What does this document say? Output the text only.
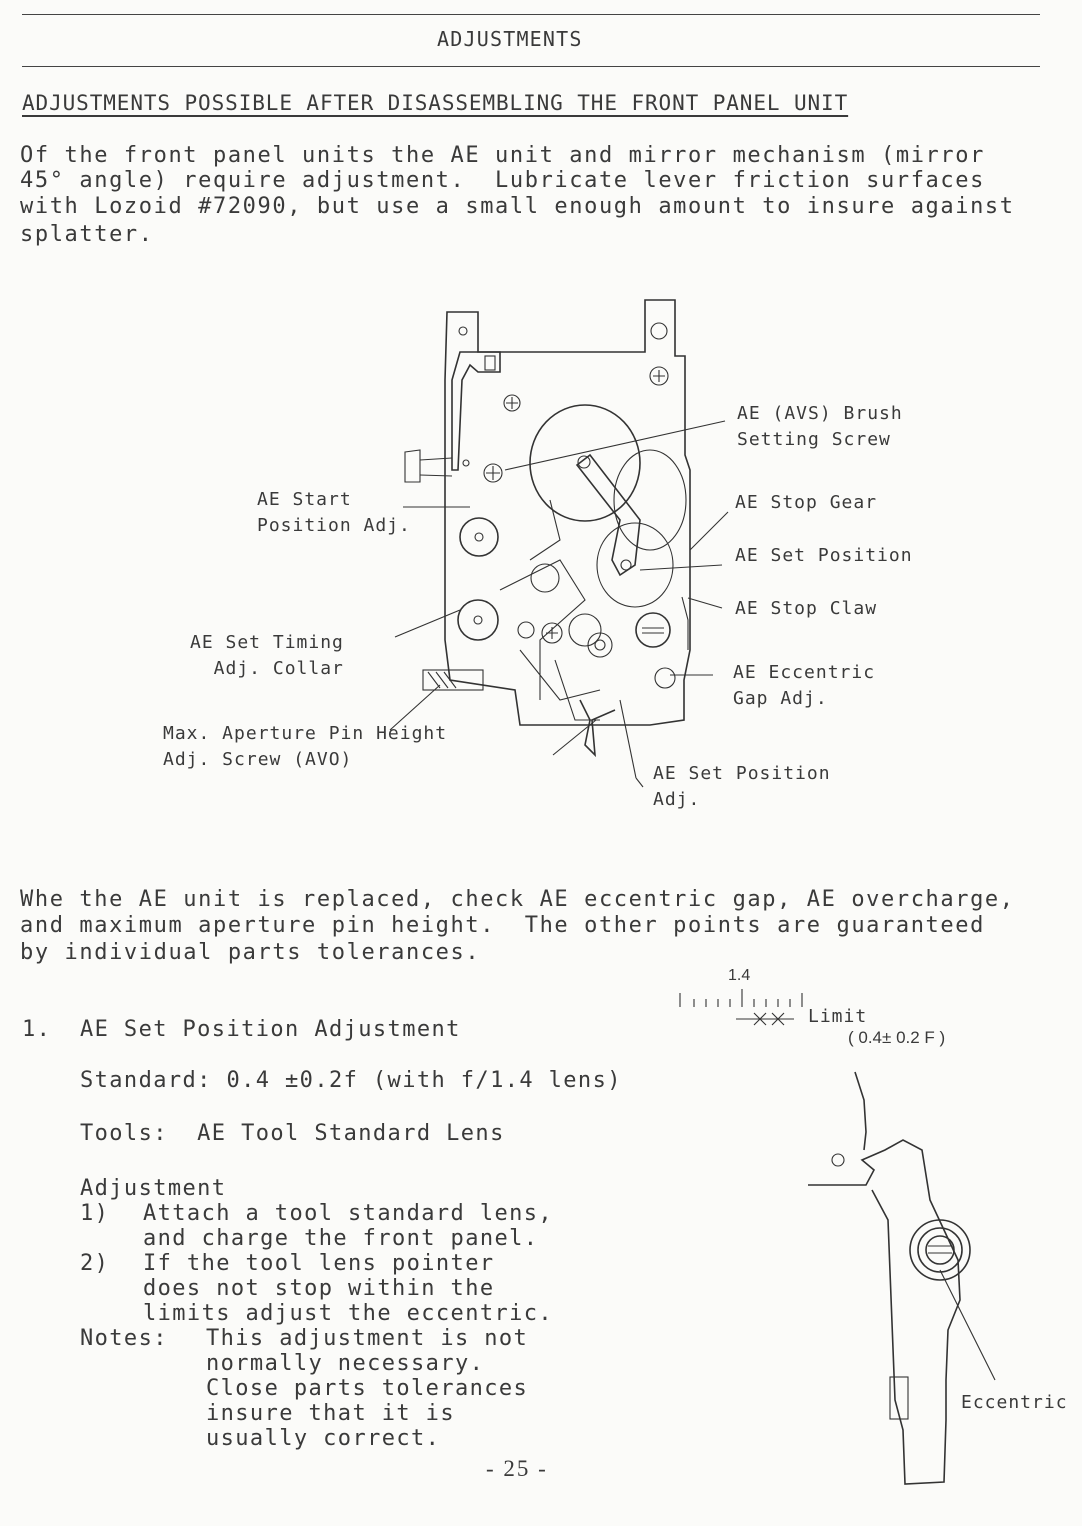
ADJUSTMENTS
ADJUSTMENTS POSSIBLE AFTER DISASSEMBLING THE FRONT PANEL UNIT
Of the front panel units the AE unit and mirror mechanism (mirror
45° angle) require adjustment.  Lubricate lever friction surfaces
with Lozoid #72090, but use a small enough amount to insure against
splatter.
AE (AVS) Brush
Setting Screw
AE Start
Position Adj.
AE Stop Gear
AE Set Position
AE Stop Claw
AE Set Timing
Adj. Collar	AE Eccentric
Gap Adj.
Max. Aperture Pin Height
Adj. Screw (AVO)
AE Set Position
Adj.
Whe the AE unit is replaced, check AE eccentric gap, AE overcharge,
and maximum aperture pin height.  The other points are guaranteed
by individual parts tolerances.
1.4
Limit
( 0.4± 0.2 F )
1. AE Set Position Adjustment
Standard: 0.4 ±0.2f (with f/1.4 lens)
Tools:  AE Tool Standard Lens
Adjustment
1) Attach a tool standard lens,
and charge the front panel.
2) If the tool lens pointer
does not stop within the
limits adjust the eccentric.
Notes: This adjustment is not
normally necessary.
Close parts tolerances
insure that it is
usually correct.
Eccentric
- 25 -
